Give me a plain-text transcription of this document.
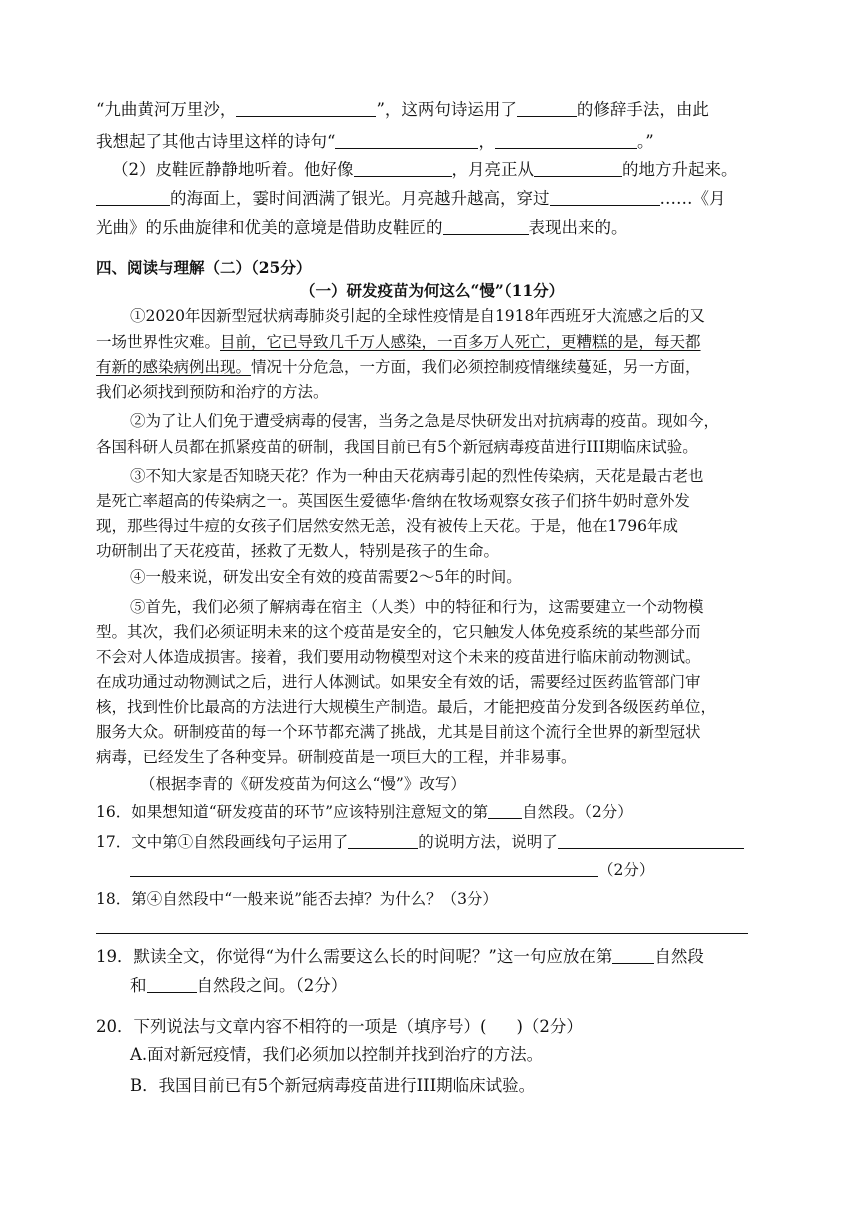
“九曲黄河万里沙，	”，这两句诗运用了	的修辞手法，由此
我想起了其他古诗里这样的诗句“	，	。”
（2）皮鞋匠静静地听着。他好像	，月亮正从	的地方升起来。
的海面上，霎时间洒满了银光。月亮越升越高，穿过	……《月
光曲》的乐曲旋律和优美的意境是借助皮鞋匠的	表现出来的。
四、阅读与理解（二）（25分）
（一）研发疫苗为何这么“慢”（11分）
①2020年因新型冠状病毒肺炎引起的全球性疫情是自1918年西班牙大流感之后的又
一场世界性灾难。目前，它已导致几千万人感染，一百多万人死亡，更糟糕的是，每天都
有新的感染病例出现。情况十分危急，一方面，我们必须控制疫情继续蔓延，另一方面，
我们必须找到预防和治疗的方法。
②为了让人们免于遭受病毒的侵害，当务之急是尽快研发出对抗病毒的疫苗。现如今，
各国科研人员都在抓紧疫苗的研制，我国目前已有5个新冠病毒疫苗进行III期临床试验。
③不知大家是否知晓天花？作为一种由天花病毒引起的烈性传染病，天花是最古老也
是死亡率超高的传染病之一。英国医生爱德华·詹纳在牧场观察女孩子们挤牛奶时意外发
现，那些得过牛痘的女孩子们居然安然无恙，没有被传上天花。于是，他在1796年成
功研制出了天花疫苗，拯救了无数人，特别是孩子的生命。
④一般来说，研发出安全有效的疫苗需要2～5年的时间。
⑤首先，我们必须了解病毒在宿主（人类）中的特征和行为，这需要建立一个动物模
型。其次，我们必须证明未来的这个疫苗是安全的，它只触发人体免疫系统的某些部分而
不会对人体造成损害。接着，我们要用动物模型对这个未来的疫苗进行临床前动物测试。
在成功通过动物测试之后，进行人体测试。如果安全有效的话，需要经过医药监管部门审
核，找到性价比最高的方法进行大规模生产制造。最后，才能把疫苗分发到各级医药单位，
服务大众。研制疫苗的每一个环节都充满了挑战，尤其是目前这个流行全世界的新型冠状
病毒，已经发生了各种变异。研制疫苗是一项巨大的工程，并非易事。
（根据李青的《研发疫苗为何这么“慢”》改写）
16．如果想知道“研发疫苗的环节”应该特别注意短文的第 自然段。（2分）
17．文中第①自然段画线句子运用了	的说明方法，说明了
（2分）
18．第④自然段中“一般来说”能否去掉？为什么？（3分）
19．默读全文，你觉得“为什么需要这么长的时间呢？”这一句应放在第	自然段
和	自然段之间。（2分）
20．下列说法与文章内容不相符的一项是（填序号）( )（2分）
A.面对新冠疫情，我们必须加以控制并找到治疗的方法。
B．我国目前已有5个新冠病毒疫苗进行III期临床试验。
